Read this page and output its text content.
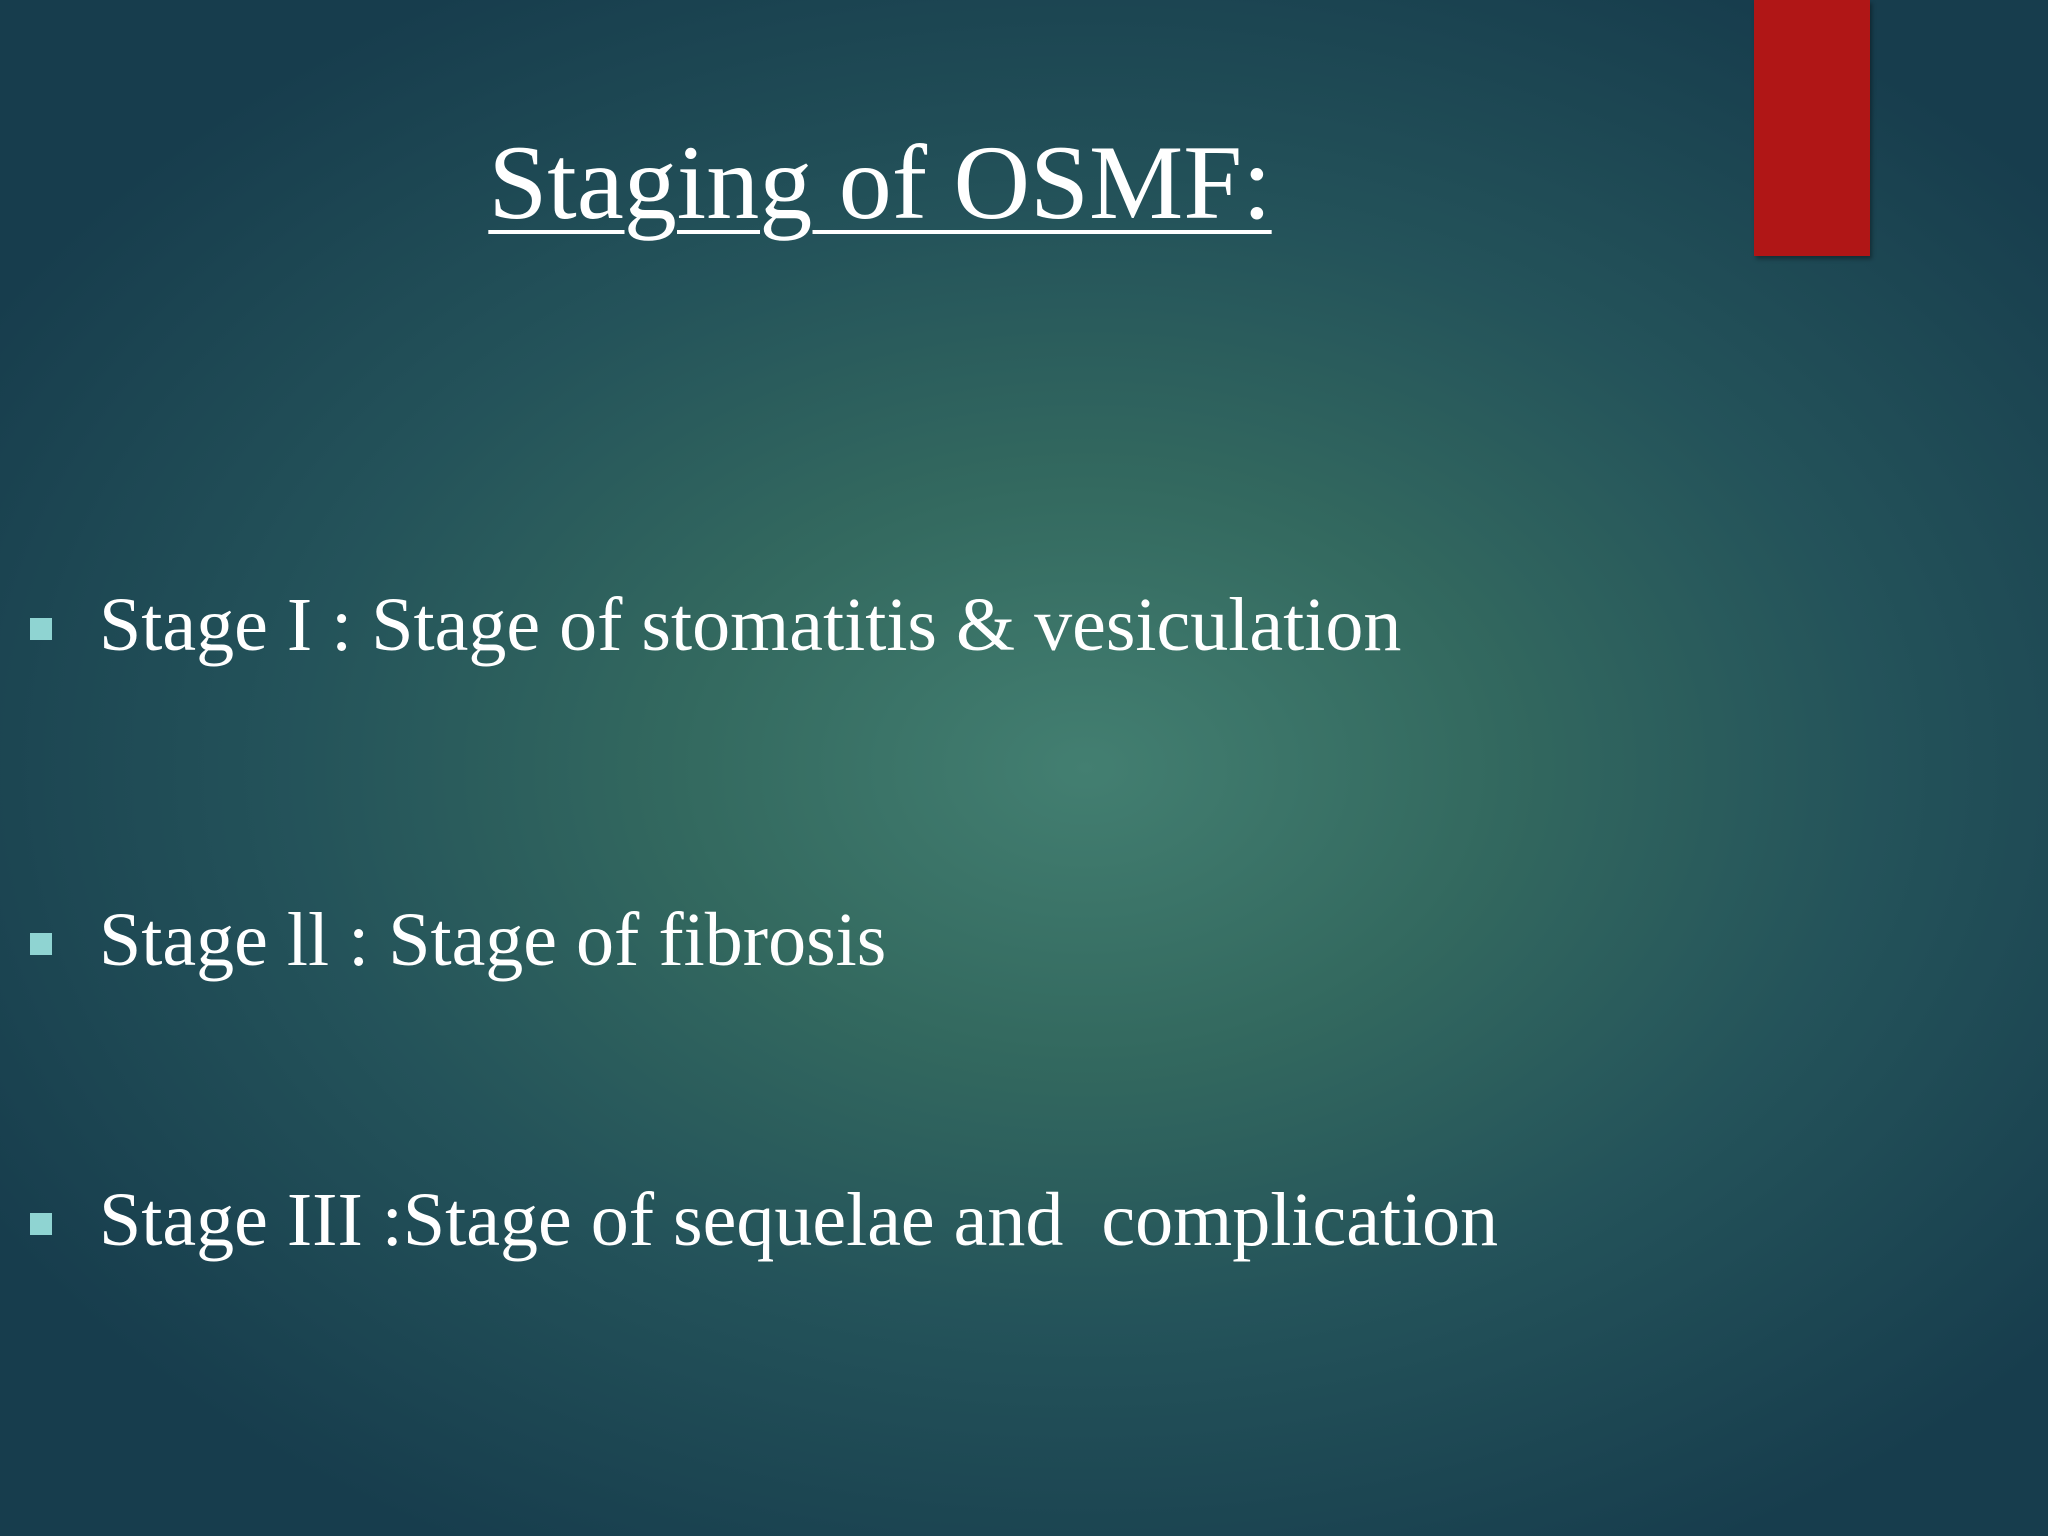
Staging of OSMF:
Stage I : Stage of stomatitis & vesiculation
Stage ll : Stage of fibrosis
Stage III :Stage of sequelae and  complication
